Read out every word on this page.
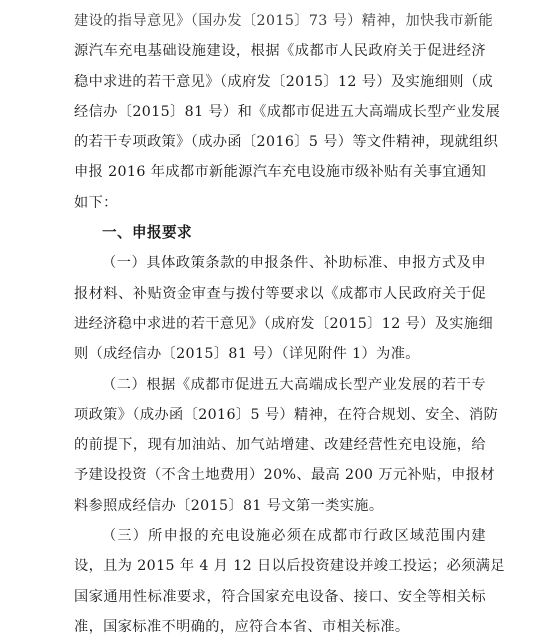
建设的指导意见》（国办发〔2015〕73 号）精神，加快我市新能
源汽车充电基础设施建设，根据《成都市人民政府关于促进经济
稳中求进的若干意见》（成府发〔2015〕12 号）及实施细则（成
经信办〔2015〕81 号）和《成都市促进五大高端成长型产业发展
的若干专项政策》（成办函〔2016〕5 号）等文件精神，现就组织
申报 2016 年成都市新能源汽车充电设施市级补贴有关事宜通知
如下：
一、申报要求
（一）具体政策条款的申报条件、补助标准、申报方式及申
报材料、补贴资金审查与拨付等要求以《成都市人民政府关于促
进经济稳中求进的若干意见》（成府发〔2015〕12 号）及实施细
则（成经信办〔2015〕81 号）（详见附件 1）为准。
（二）根据《成都市促进五大高端成长型产业发展的若干专
项政策》（成办函〔2016〕5 号）精神，在符合规划、安全、消防
的前提下，现有加油站、加气站增建、改建经营性充电设施，给
予建设投资（不含土地费用）20%、最高 200 万元补贴，申报材
料参照成经信办〔2015〕81 号文第一类实施。
（三）所申报的充电设施必须在成都市行政区域范围内建
设，且为 2015 年 4 月 12 日以后投资建设并竣工投运；必须满足
国家通用性标准要求，符合国家充电设备、接口、安全等相关标
准，国家标准不明确的，应符合本省、市相关标准。
